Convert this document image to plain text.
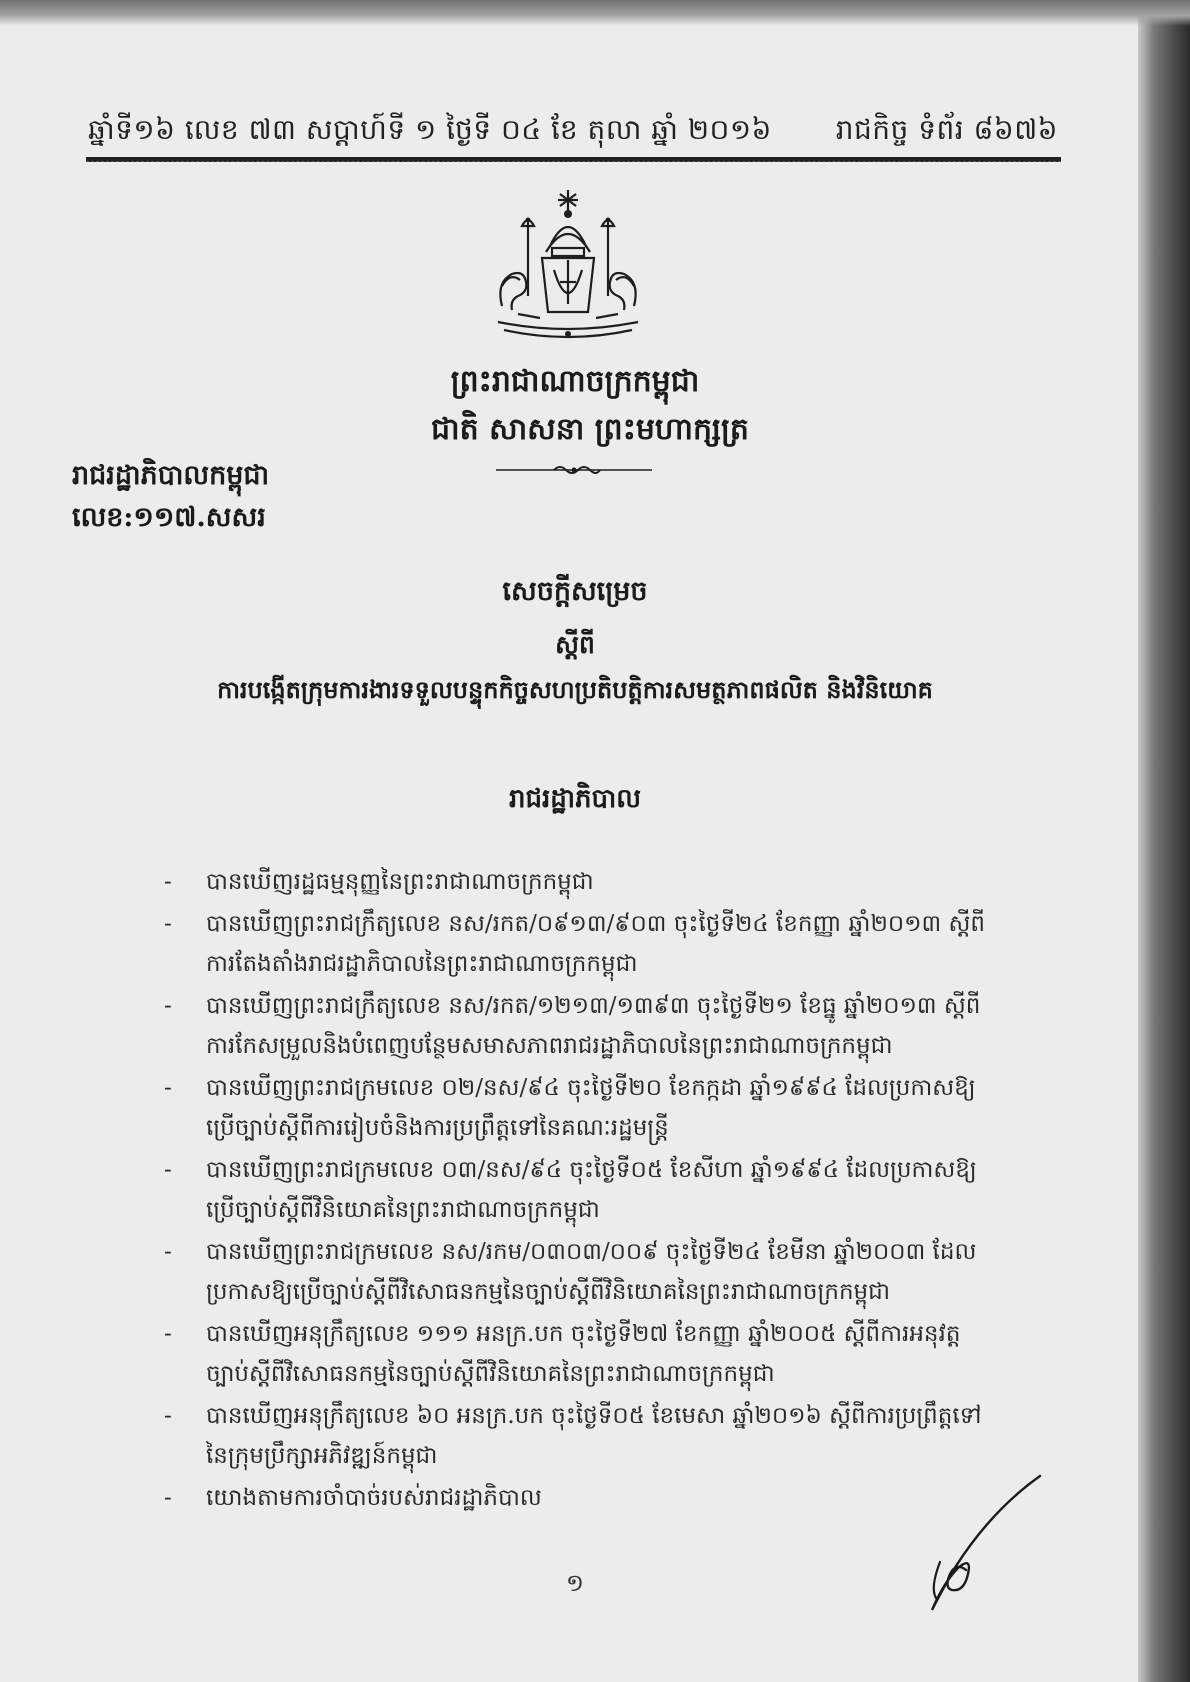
ឆ្នាំទី១៦ លេខ ៧៣ សប្តាហ៍ទី ១ ថ្ងៃទី ០៤ ខែ តុលា ឆ្នាំ ២០១៦ រាជកិច្ច ទំព័រ ៨៦៧៦
ព្រះរាជាណាចក្រកម្ពុជា
ជាតិ សាសនា ព្រះមហាក្សត្រ
រាជរដ្ឋាភិបាលកម្ពុជា
លេខ:១១៧.សសរ
សេចក្តីសម្រេច
ស្តីពី
ការបង្កើតក្រុមការងារទទួលបន្ទុកកិច្ចសហប្រតិបត្តិការសមត្ថភាពផលិត និងវិនិយោគ
រាជរដ្ឋាភិបាល
- បានឃើញរដ្ឋធម្មនុញ្ញនៃព្រះរាជាណាចក្រកម្ពុជា
- បានឃើញព្រះរាជក្រឹត្យលេខ នស/រកត/០៩១៣/៩០៣ ចុះថ្ងៃទី២៤ ខែកញ្ញា ឆ្នាំ២០១៣ ស្តីពីការតែងតាំងរាជរដ្ឋាភិបាលនៃព្រះរាជាណាចក្រកម្ពុជា
- បានឃើញព្រះរាជក្រឹត្យលេខ នស/រកត/១២១៣/១៣៩៣ ចុះថ្ងៃទី២១ ខែធ្នូ ឆ្នាំ២០១៣ ស្តីពីការកែសម្រួលនិងបំពេញបន្ថែមសមាសភាពរាជរដ្ឋាភិបាលនៃព្រះរាជាណាចក្រកម្ពុជា
- បានឃើញព្រះរាជក្រមលេខ ០២/នស/៩៤ ចុះថ្ងៃទី២០ ខែកក្កដា ឆ្នាំ១៩៩៤ ដែលប្រកាសឱ្យប្រើច្បាប់ស្តីពីការរៀបចំនិងការប្រព្រឹត្តទៅនៃគណៈរដ្ឋមន្ត្រី
- បានឃើញព្រះរាជក្រមលេខ ០៣/នស/៩៤ ចុះថ្ងៃទី០៥ ខែសីហា ឆ្នាំ១៩៩៤ ដែលប្រកាសឱ្យប្រើច្បាប់ស្តីពីវិនិយោគនៃព្រះរាជាណាចក្រកម្ពុជា
- បានឃើញព្រះរាជក្រមលេខ នស/រកម/០៣០៣/០០៩ ចុះថ្ងៃទី២៤ ខែមីនា ឆ្នាំ២០០៣ ដែលប្រកាសឱ្យប្រើច្បាប់ស្តីពីវិសោធនកម្មនៃច្បាប់ស្តីពីវិនិយោគនៃព្រះរាជាណាចក្រកម្ពុជា
- បានឃើញអនុក្រឹត្យលេខ ១១១ អនក្រ.បក ចុះថ្ងៃទី២៧ ខែកញ្ញា ឆ្នាំ២០០៥ ស្តីពីការអនុវត្តច្បាប់ស្តីពីវិសោធនកម្មនៃច្បាប់ស្តីពីវិនិយោគនៃព្រះរាជាណាចក្រកម្ពុជា
- បានឃើញអនុក្រឹត្យលេខ ៦០ អនក្រ.បក ចុះថ្ងៃទី០៥ ខែមេសា ឆ្នាំ២០១៦ ស្តីពីការប្រព្រឹត្តទៅនៃក្រុមប្រឹក្សាអភិវឌ្ឍន៍កម្ពុជា
- យោងតាមការចាំបាច់របស់រាជរដ្ឋាភិបាល
១
